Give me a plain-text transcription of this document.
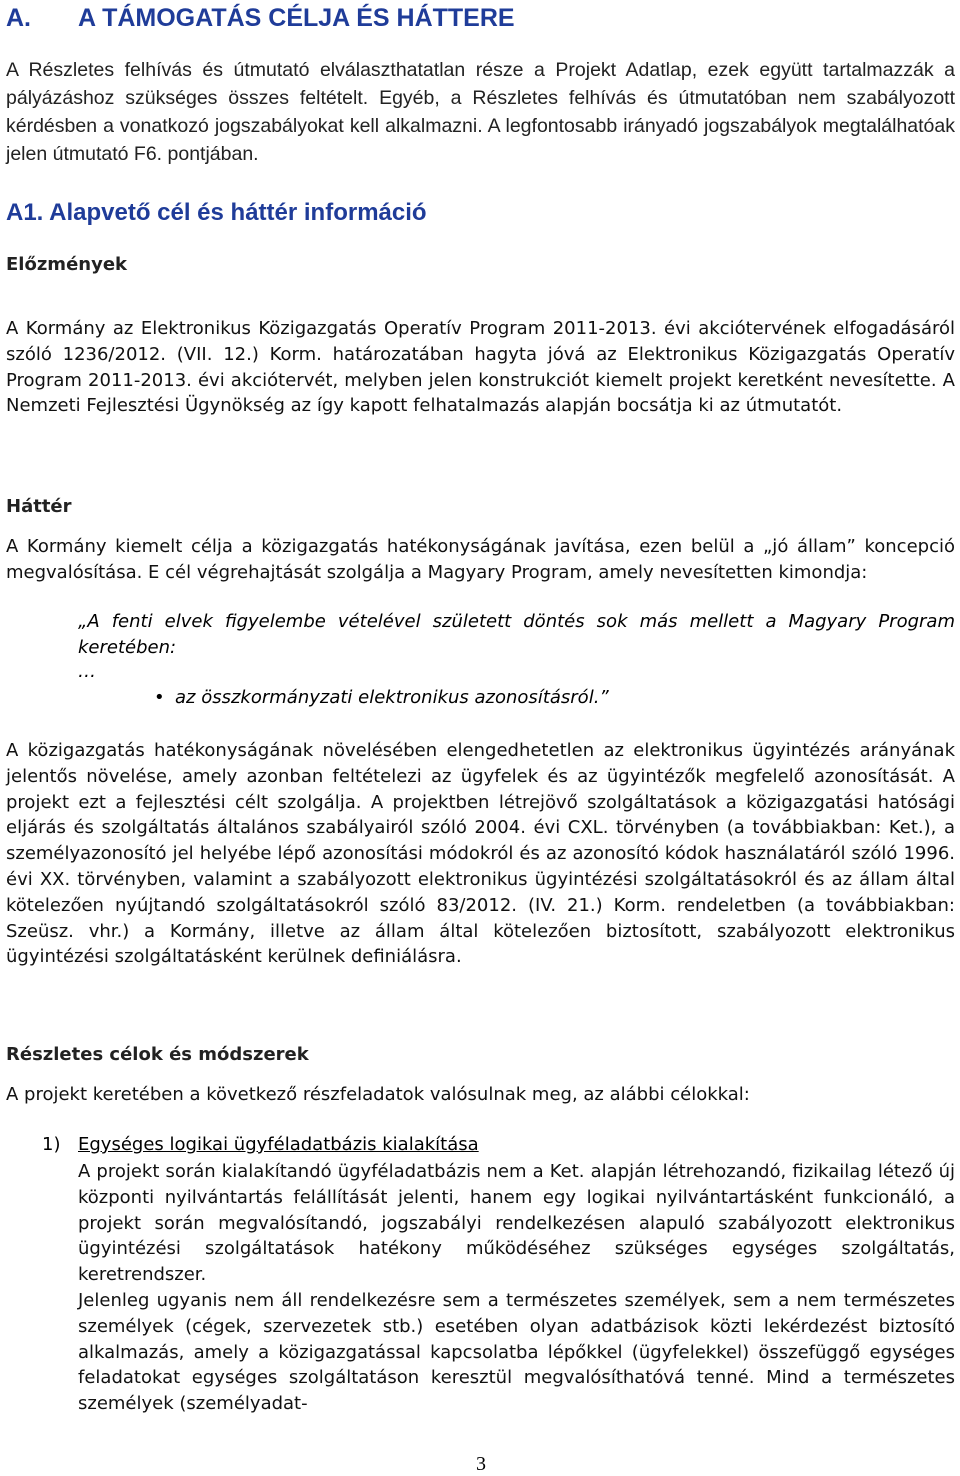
A. A TÁMOGATÁS CÉLJA ÉS HÁTTERE

A Részletes felhívás és útmutató elválaszthatatlan része a Projekt Adatlap, ezek együtt tartalmazzák a pályázáshoz szükséges összes feltételt. Egyéb, a Részletes felhívás és útmutatóban nem szabályozott kérdésben a vonatkozó jogszabályokat kell alkalmazni. A legfontosabb irányadó jogszabályok megtalálhatóak jelen útmutató F6. pontjában.

A1. Alapvető cél és háttér információ
Előzmények

A Kormány az Elektronikus Közigazgatás Operatív Program 2011-2013. évi akciótervének elfogadásáról szóló 1236/2012. (VII. 12.) Korm. határozatában hagyta jóvá az Elektronikus Közigazgatás Operatív Program 2011-2013. évi akciótervét, melyben jelen konstrukciót kiemelt projekt keretként nevesítette. A Nemzeti Fejlesztési Ügynökség az így kapott felhatalmazás alapján bocsátja ki az útmutatót.

Háttér

A Kormány kiemelt célja a közigazgatás hatékonyságának javítása, ezen belül a „jó állam” koncepció megvalósítása. E cél végrehajtását szolgálja a Magyary Program, amely nevesítetten kimondja:

„A fenti elvek figyelembe vételével született döntés sok más mellett a Magyary Program keretében:

…

• az összkormányzati elektronikus azonosításról.”

A közigazgatás hatékonyságának növelésében elengedhetetlen az elektronikus ügyintézés arányának jelentős növelése, amely azonban feltételezi az ügyfelek és az ügyintézők megfelelő azonosítását. A projekt ezt a fejlesztési célt szolgálja. A projektben létrejövő szolgáltatások a közigazgatási hatósági eljárás és szolgáltatás általános szabályairól szóló 2004. évi CXL. törvényben (a továbbiakban: Ket.), a személyazonosító jel helyébe lépő azonosítási módokról és az azonosító kódok használatáról szóló 1996. évi XX. törvényben, valamint a szabályozott elektronikus ügyintézési szolgáltatásokról és az állam által kötelezően nyújtandó szolgáltatásokról szóló 83/2012. (IV. 21.) Korm. rendeletben (a továbbiakban: Szeüsz. vhr.) a Kormány, illetve az állam által kötelezően biztosított, szabályozott elektronikus ügyintézési szolgáltatásként kerülnek definiálásra.

Részletes célok és módszerek

A projekt keretében a következő részfeladatok valósulnak meg, az alábbi célokkal:

1) Egységes logikai ügyféladatbázis kialakítása

A projekt során kialakítandó ügyféladatbázis nem a Ket. alapján létrehozandó, fizikailag létező új központi nyilvántartás felállítását jelenti, hanem egy logikai nyilvántartásként funkcionáló, a projekt során megvalósítandó, jogszabályi rendelkezésen alapuló szabályozott elektronikus ügyintézési szolgáltatások hatékony működéséhez szükséges egységes szolgáltatás, keretrendszer.

Jelenleg ugyanis nem áll rendelkezésre sem a természetes személyek, sem a nem természetes személyek (cégek, szervezetek stb.) esetében olyan adatbázisok közti lekérdezést biztosító alkalmazás, amely a közigazgatással kapcsolatba lépőkkel (ügyfelekkel) összefüggő egységes feladatokat egységes szolgáltatáson keresztül megvalósíthatóvá tenné. Mind a természetes személyek (személyadat-

3
